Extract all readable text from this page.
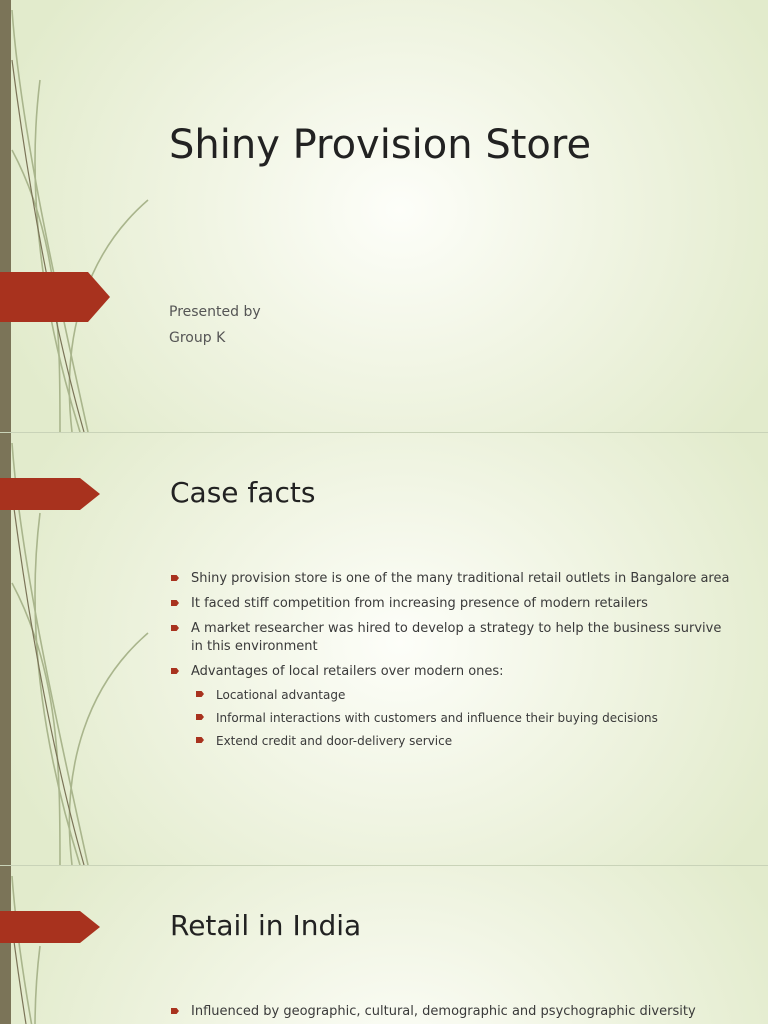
Shiny Provision Store
Presented by
Group K
Case facts
Shiny provision store is one of the many traditional retail outlets in Bangalore area
It faced stiff competition from increasing presence of modern retailers
A market researcher was hired to develop a strategy to help the business survive in this environment
Advantages of local retailers over modern ones:
Locational advantage
Informal interactions with customers and influence their buying decisions
Extend credit and door-delivery service
Retail in India
Influenced by geographic, cultural, demographic and psychographic diversity
